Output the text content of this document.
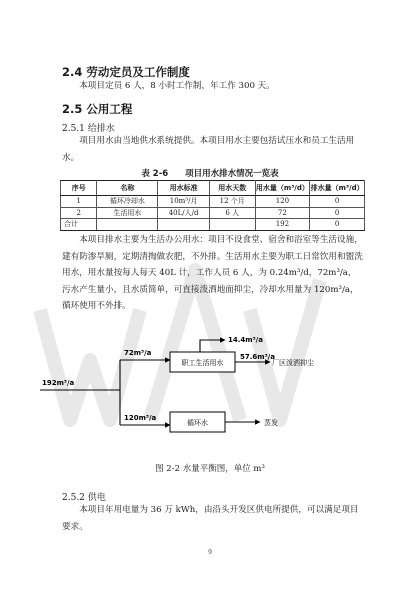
2.4 劳动定员及工作制度

本项目定员 6 人，8 小时工作制，年工作 300 天。

2.5 公用工程
2.5.1 给排水

项目用水由当地供水系统提供。本项目用水主要包括试压水和员工生活用水。

表 2-6　　项目用水排水情况一览表
序号	名称	用水标准	用水天数	用水量（m³/d）	排水量（m³/d）
1	循环冷却水	10m³/月	12 个月	120	0
2	生活用水	40L/人/d	6 人	72	0
合计				192	0

本项目排水主要为生活办公用水：项目不设食堂、宿舍和浴室等生活设施，建有防渗旱厕，定期清掏做农肥，不外排。生活用水主要为职工日常饮用和盥洗用水，用水量按每人每天 40L 计，工作人员 6 人，为 0.24m³/d，72m³/a，污水产生量小，且水质简单，可直接泼洒地面抑尘，冷却水用量为 120m³/a，循环使用不外排。

192m³/a
72m³/a
120m³/a
14.4m³/a
57.6m³/a
职工生活用水	厂区泼洒抑尘
循环水	蒸发
图 2-2 水量平衡图，单位 m³
2.5.2 供电

本项目年用电量为 36 万 kWh，由沿头开发区供电所提供，可以满足项目要求。

9
